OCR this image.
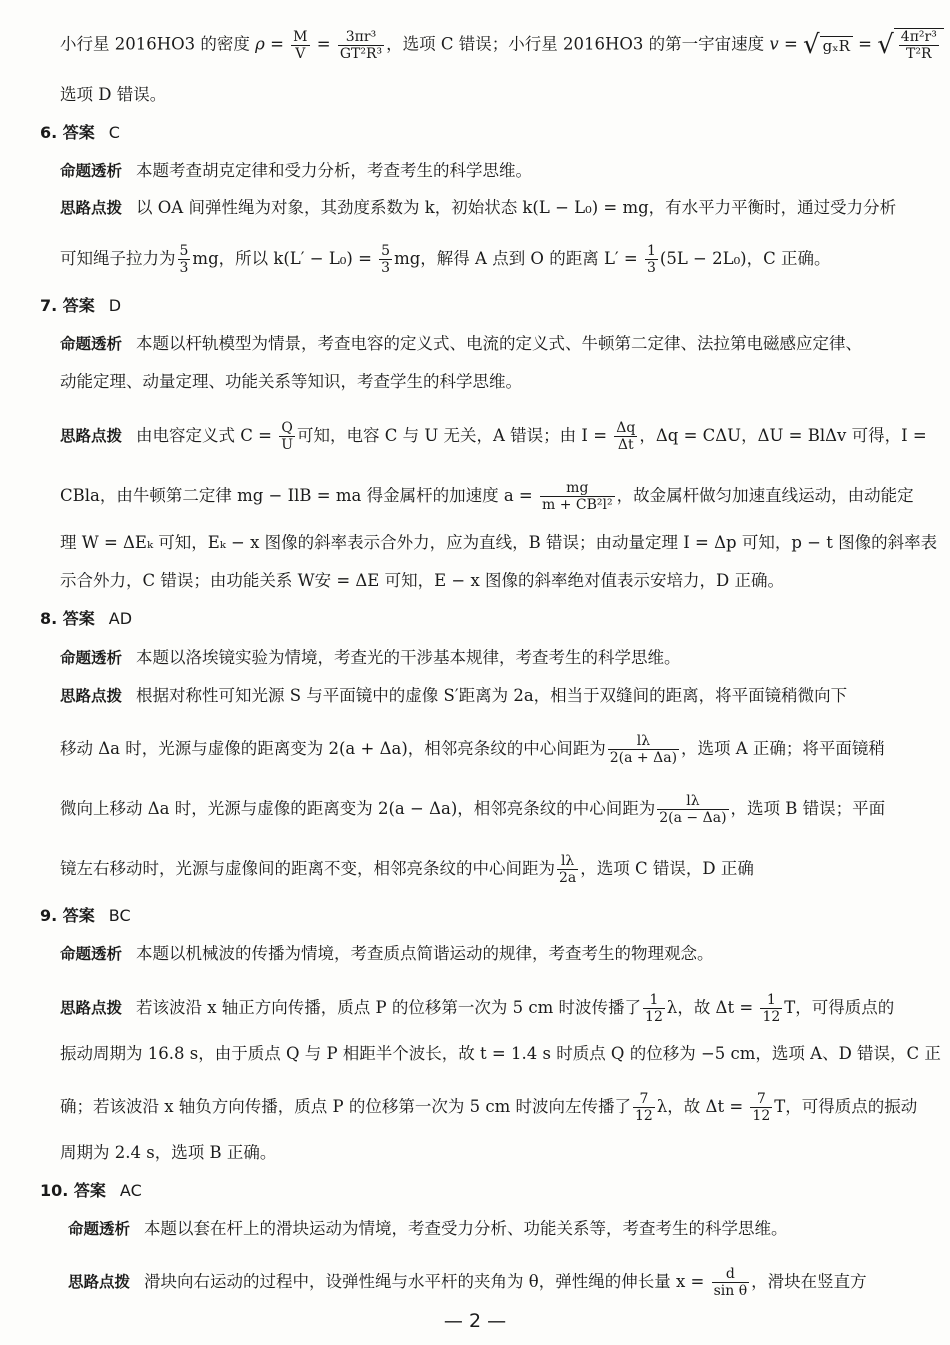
小行星 2016HO3 的密度 $\rho = \frac{M}{V} = \frac{\text{3πr³}}{\text{GT²R³}}$ ，选项 C 错误；小行星 2016HO3 的第一宇宙速度 v = √ gₓR = √ $\frac{\text{4π²r³}}{\text{T²R}}$
选项 D 错误。
6. 答案 C
命题透析 本题考查胡克定律和受力分析，考查考生的科学思维。
思路点拨 以 OA 间弹性绳为对象，其劲度系数为 k，初始状态 k(L − L₀) = mg，有水平力平衡时，通过受力分析
可知绳子拉力为 $\frac{5}{3}$ mg，所以 $k(L' - L_0) = \frac{5}{3}$ mg，解得 A 点到 O 的距离 $L' = \frac{1}{3} (5L - 2L_0)$，C 正确。
7. 答案 D
命题透析 本题以杆轨模型为情景，考查电容的定义式、电流的定义式、牛顿第二定律、法拉第电磁感应定律、
动能定理、动量定理、功能关系等知识，考查学生的科学思维。
思路点拨 由电容定义式 $C = \frac{Q}{U}$ 可知，电容 C 与 U 无关，A 错误；由 $I = \frac{\Delta q}{\Delta t}$ ，Δq = CΔU，ΔU = BlΔv 可得，I =
CBla，由牛顿第二定律 mg − IlB = ma 得金属杆的加速度 $a = \frac{mg}{\text{m + CB²l²}}$ ，故金属杆做匀加速直线运动，由动能定
理 W = ΔEₖ 可知，Eₖ − x 图像的斜率表示合外力，应为直线，B 错误；由动量定理 I = Δp 可知，p − t 图像的斜率表
示合外力，C 错误；由功能关系 W安 = ΔE 可知，E − x 图像的斜率绝对值表示安培力，D 正确。
8. 答案 AD
命题透析 本题以洛埃镜实验为情境，考查光的干涉基本规律，考查考生的科学思维。
思路点拨 根据对称性可知光源 S 与平面镜中的虚像 S′距离为 2a，相当于双缝间的距离，将平面镜稍微向下
移动 Δa 时，光源与虚像的距离变为 2(a + Δa)，相邻亮条纹的中心间距为 $\frac{l\lambda}{2(a + \Delta a)}$ ，选项 A 正确；将平面镜稍
微向上移动 Δa 时，光源与虚像的距离变为 2(a − Δa)，相邻亮条纹的中心间距为 $\frac{l\lambda}{2(a - \Delta a)}$ ，选项 B 错误；平面
镜左右移动时，光源与虚像间的距离不变，相邻亮条纹的中心间距为 $\frac{l\lambda}{2a}$ ，选项 C 错误，D 正确
9. 答案 BC
命题透析 本题以机械波的传播为情境，考查质点简谐运动的规律，考查考生的物理观念。
思路点拨 若该波沿 x 轴正方向传播，质点 P 的位移第一次为 5 cm 时波传播了 $\frac{1}{12}$ λ，故 $\Delta t = \frac{1}{12}$ T，可得质点的
振动周期为 16.8 s，由于质点 Q 与 P 相距半个波长，故 t = 1.4 s 时质点 Q 的位移为 −5 cm，选项 A、D 错误，C 正
确；若该波沿 x 轴负方向传播，质点 P 的位移第一次为 5 cm 时波向左传播了 $\frac{7}{12}$ λ，故 $\Delta t = \frac{7}{12}$ T，可得质点的振动
周期为 2.4 s，选项 B 正确。
10. 答案 AC
命题透析 本题以套在杆上的滑块运动为情境，考查受力分析、功能关系等，考查考生的科学思维。
思路点拨 滑块向右运动的过程中，设弹性绳与水平杆的夹角为 θ，弹性绳的伸长量 $x = \frac{d}{\text{sin θ}}$ ，滑块在竖直方
— 2 —
